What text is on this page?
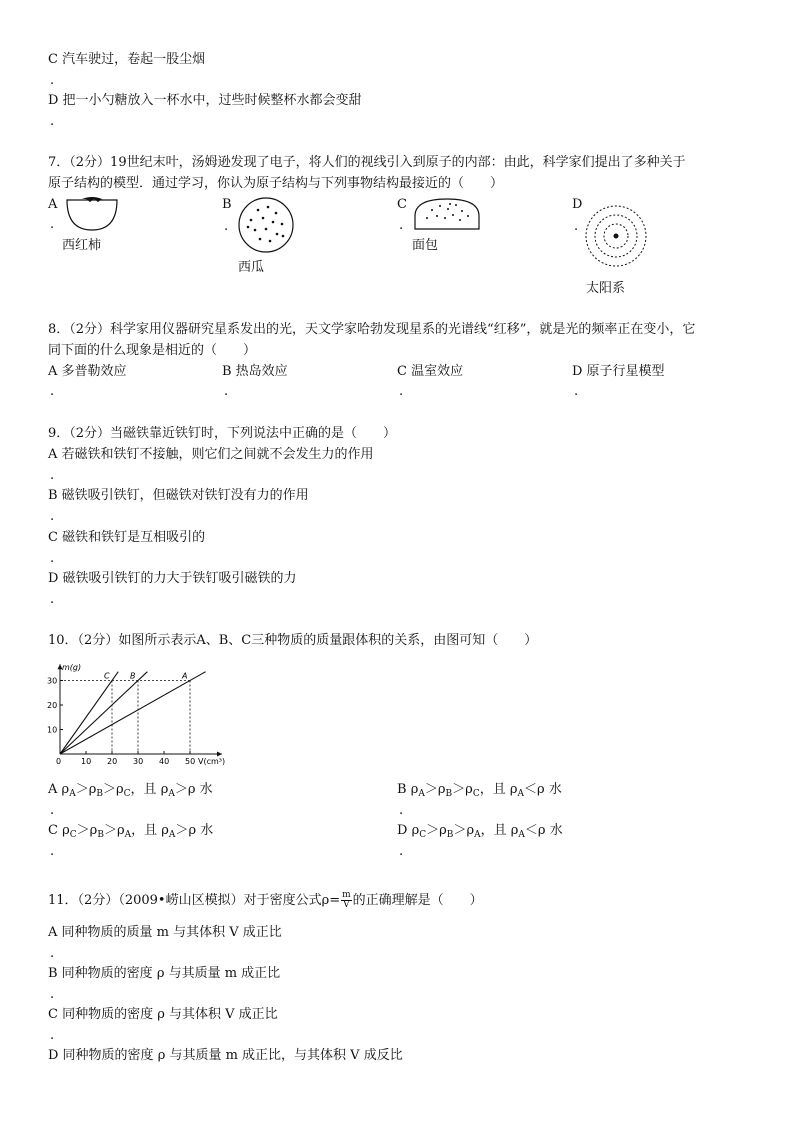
C 汽车驶过，卷起一股尘烟
.
D 把一小勺糖放入一杯水中，过些时候整杯水都会变甜
.
7．（2分）19世纪末叶，汤姆逊发现了电子，将人们的视线引入到原子的内部：由此，科学家们提出了多种关于
原子结构的模型．通过学习，你认为原子结构与下列事物结构最接近的（　　）
A
.
西红柿
B
.
西瓜
C
.
面包
D
.
太阳系
8．（2分）科学家用仪器研究星系发出的光，天文学家哈勃发现星系的光谱线“红移”，就是光的频率正在变小，它
同下面的什么现象是相近的（　　）
A 多普勒效应	B 热岛效应	C 温室效应	D 原子行星模型
.	.	.	.
9．（2分）当磁铁靠近铁钉时，下列说法中正确的是（　　）
A 若磁铁和铁钉不接触，则它们之间就不会发生力的作用
.
B 磁铁吸引铁钉，但磁铁对铁钉没有力的作用
.
C 磁铁和铁钉是互相吸引的
.
D 磁铁吸引铁钉的力大于铁钉吸引磁铁的力
.
10．（2分）如图所示表示A、B、C三种物质的质量跟体积的关系，由图可知（　　）
10 20 30 40 50
10
20
30
C	B	A
m(g)
V(cm³)
0
A $\rho_A>\rho_B>\rho_C$，且 $\rho_A>\rho$ 水
.
B $\rho_A>\rho_B>\rho_C$，且 $\rho_A<\rho$ 水
.
C $\rho_C>\rho_B>\rho_A$，且 $\rho_A>\rho$ 水
.
D $\rho_C>\rho_B>\rho_A$，且 $\rho_A<\rho$ 水
.
11．（2分）（2009•崂山区模拟）对于密度公式$\rho= \frac{m}{V}$ 的正确理解是（　　）
A 同种物质的质量 m 与其体积 V 成正比
.
B 同种物质的密度 ρ 与其质量 m 成正比
.
C 同种物质的密度 ρ 与其体积 V 成正比
.
D 同种物质的密度 ρ 与其质量 m 成正比，与其体积 V 成反比
